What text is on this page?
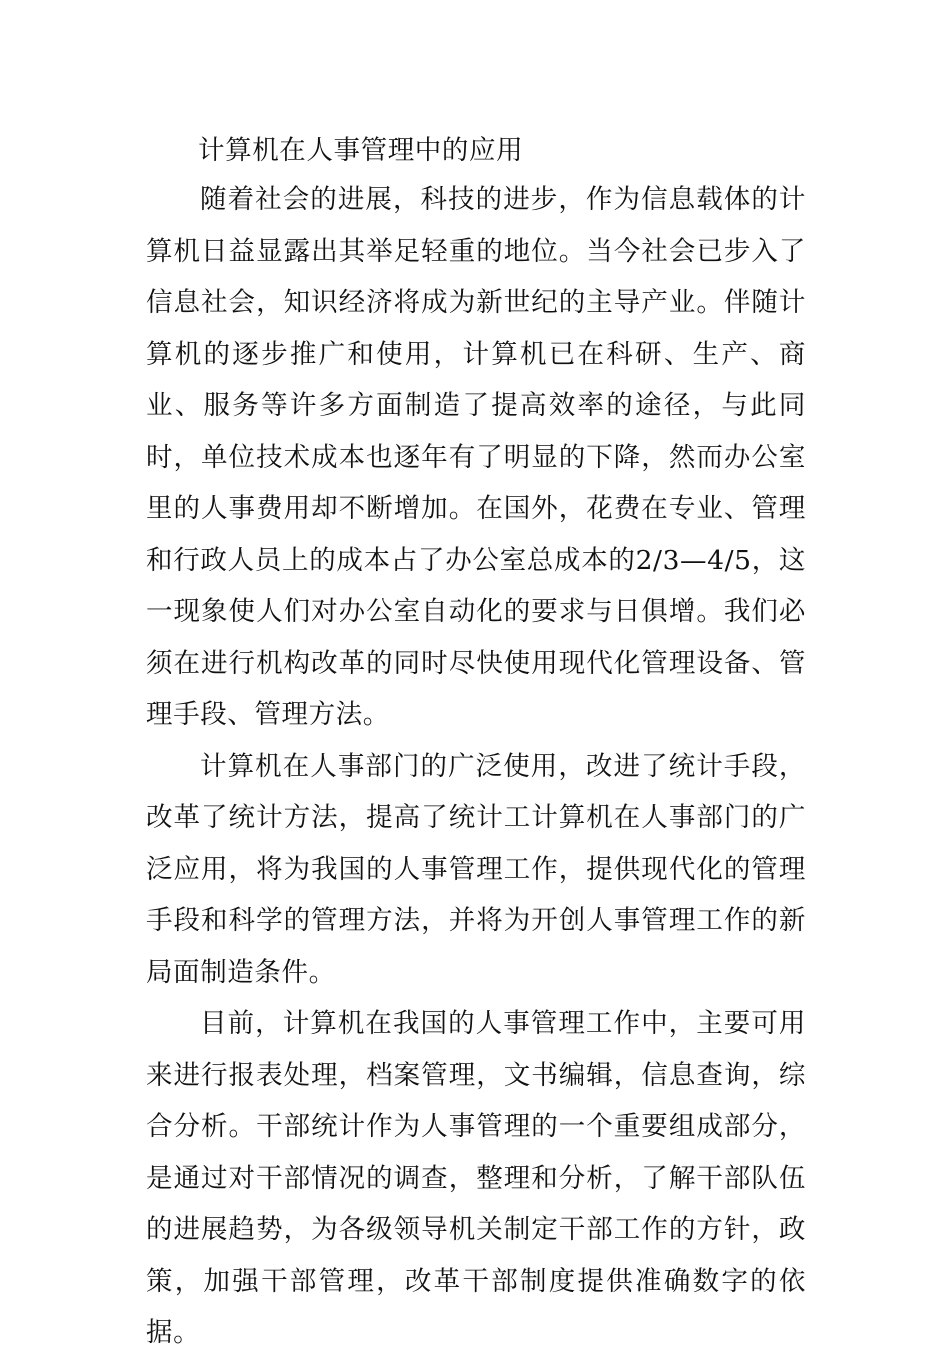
计算机在人事管理中的应用

随着社会的进展，科技的进步，作为信息载体的计算机日益显露出其举足轻重的地位。当今社会已步入了信息社会，知识经济将成为新世纪的主导产业。伴随计算机的逐步推广和使用，计算机已在科研、生产、商业、服务等许多方面制造了提高效率的途径，与此同时，单位技术成本也逐年有了明显的下降，然而办公室里的人事费用却不断增加。在国外，花费在专业、管理和行政人员上的成本占了办公室总成本的2/3—4/5，这一现象使人们对办公室自动化的要求与日俱增。我们必须在进行机构改革的同时尽快使用现代化管理设备、管理手段、管理方法。

计算机在人事部门的广泛使用，改进了统计手段，改革了统计方法，提高了统计工计算机在人事部门的广泛应用，将为我国的人事管理工作，提供现代化的管理手段和科学的管理方法，并将为开创人事管理工作的新局面制造条件。

目前，计算机在我国的人事管理工作中，主要可用来进行报表处理，档案管理，文书编辑，信息查询，综合分析。干部统计作为人事管理的一个重要组成部分，是通过对干部情况的调查，整理和分析，了解干部队伍的进展趋势，为各级领导机关制定干部工作的方针，政策，加强干部管理，改革干部制度提供准确数字的依据。
